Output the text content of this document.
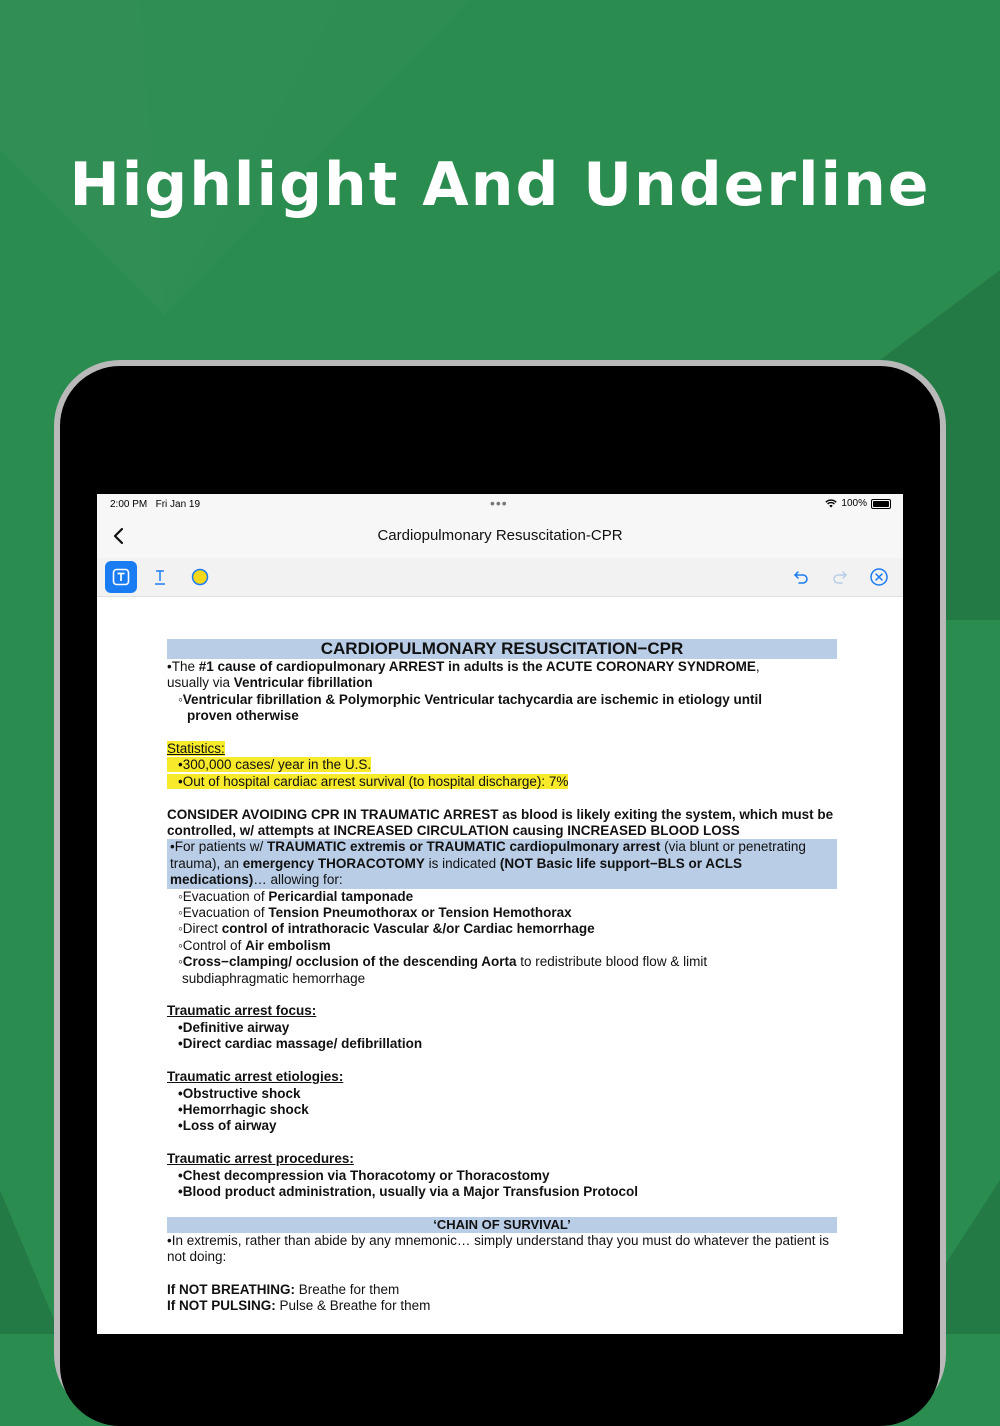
Highlight And Underline
2:00 PM Fri Jan 19	•••	100%
Cardiopulmonary Resuscitation-CPR

CARDIOPULMONARY RESUSCITATION−CPR

•The #1 cause of cardiopulmonary ARREST in adults is the ACUTE CORONARY SYNDROME,

usually via Ventricular fibrillation

◦Ventricular fibrillation & Polymorphic Ventricular tachycardia are ischemic in etiology until

proven otherwise

Statistics:

•300,000 cases/ year in the U.S.

•Out of hospital cardiac arrest survival (to hospital discharge): 7%

CONSIDER AVOIDING CPR IN TRAUMATIC ARREST as blood is likely exiting the system, which must be controlled, w/ attempts at INCREASED CIRCULATION causing INCREASED BLOOD LOSS

•For patients w/ TRAUMATIC extremis or TRAUMATIC cardiopulmonary arrest (via blunt or penetrating trauma), an emergency THORACOTOMY is indicated (NOT Basic life support−BLS or ACLS medications)… allowing for:

◦Evacuation of Pericardial tamponade

◦Evacuation of Tension Pneumothorax or Tension Hemothorax

◦Direct control of intrathoracic Vascular &/or Cardiac hemorrhage

◦Control of Air embolism

◦Cross−clamping/ occlusion of the descending Aorta to redistribute blood flow & limit

subdiaphragmatic hemorrhage

Traumatic arrest focus:

•Definitive airway

•Direct cardiac massage/ defibrillation

Traumatic arrest etiologies:

•Obstructive shock

•Hemorrhagic shock

•Loss of airway

Traumatic arrest procedures:

•Chest decompression via Thoracotomy or Thoracostomy

•Blood product administration, usually via a Major Transfusion Protocol

‘CHAIN OF SURVIVAL’

•In extremis, rather than abide by any mnemonic… simply understand thay you must do whatever the patient is not doing:

If NOT BREATHING: Breathe for them

If NOT PULSING: Pulse & Breathe for them
